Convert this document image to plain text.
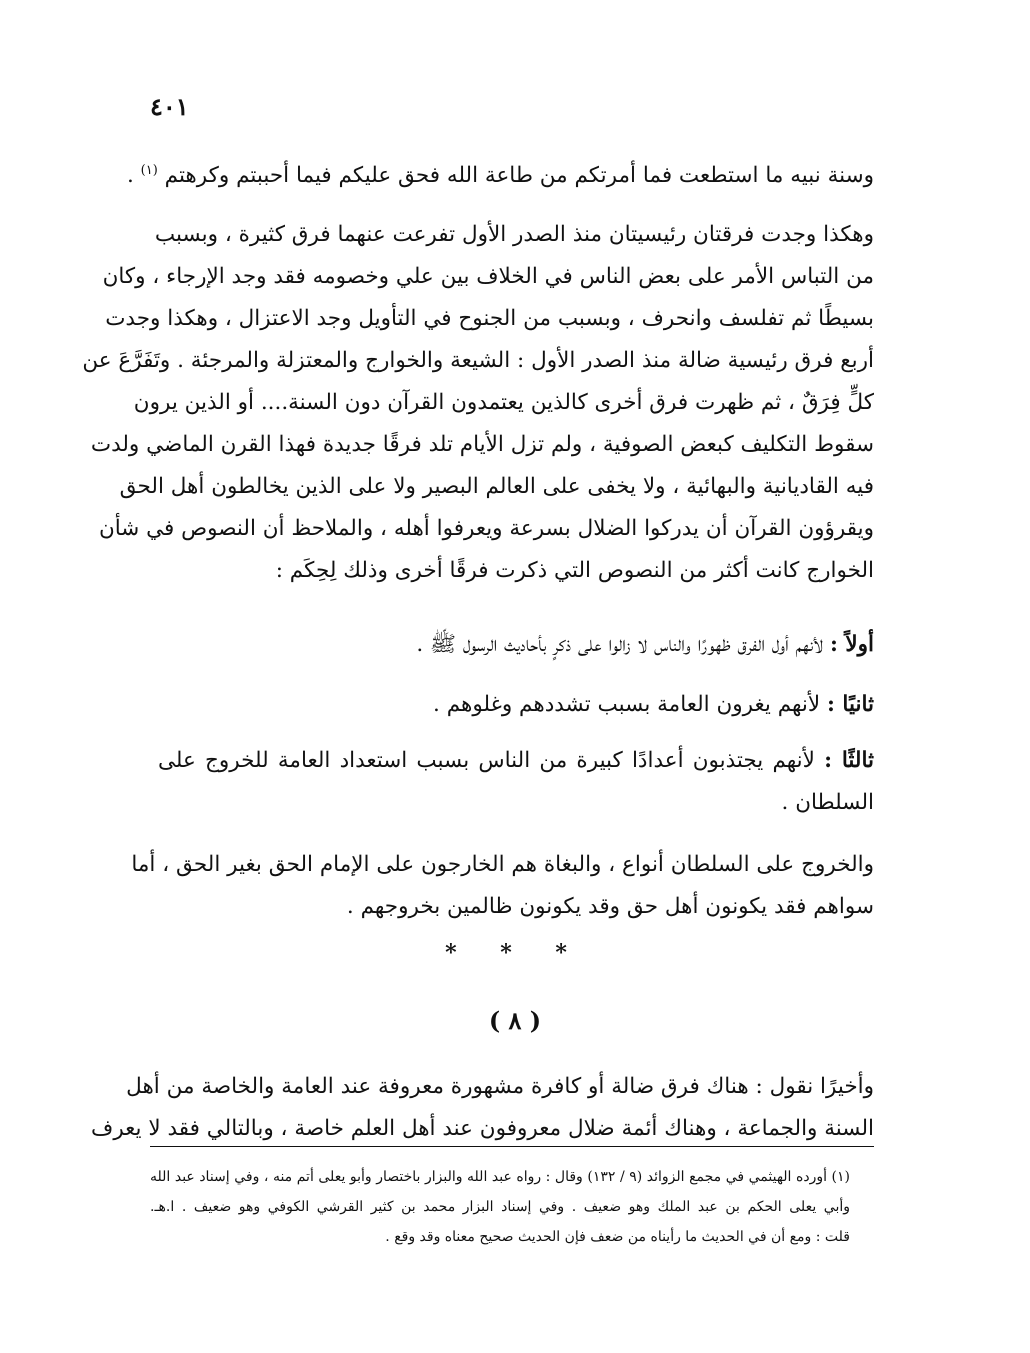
٤٠١
وسنة نبيه ما استطعت فما أمرتكم من طاعة الله فحق عليكم فيما أحببتم وكرهتم $^{(١)}$ .
وهكذا وجدت فرقتان رئيسيتان منذ الصدر الأول تفرعت عنهما فرق كثيرة ، وبسبب
من التباس الأمر على بعض الناس في الخلاف بين علي وخصومه فقد وجد الإرجاء ، وكان
بسيطًا ثم تفلسف وانحرف ، وبسبب من الجنوح في التأويل وجد الاعتزال ، وهكذا وجدت
أربع فرق رئيسية ضالة منذ الصدر الأول : الشيعة والخوارج والمعتزلة والمرجئة . وتَفَرَّعَ عن
كلٍّ فِرَقٌ ، ثم ظهرت فرق أخرى كالذين يعتمدون القرآن دون السنة.... أو الذين يرون
سقوط التكليف كبعض الصوفية ، ولم تزل الأيام تلد فرقًا جديدة فهذا القرن الماضي ولدت
فيه القاديانية والبهائية ، ولا يخفى على العالم البصير ولا على الذين يخالطون أهل الحق
ويقرؤون القرآن أن يدركوا الضلال بسرعة ويعرفوا أهله ، والملاحظ أن النصوص في شأن
الخوارج كانت أكثر من النصوص التي ذكرت فرقًا أخرى وذلك لِحِكَم :
أولاً : لأنهم أول الفرق ظهورًا والناس لا زالوا على ذكرٍ بأحاديث الرسول ﷺ .
ثانيًا : لأنهم يغرون العامة بسبب تشددهم وغلوهم .
ثالثًا : لأنهم يجتذبون أعدادًا كبيرة من الناس بسبب استعداد العامة للخروج على
السلطان .
والخروج على السلطان أنواع ، والبغاة هم الخارجون على الإمام الحق بغير الحق ، أما
سواهم فقد يكونون أهل حق وقد يكونون ظالمين بخروجهم .
* * *
( ٨ )
وأخيرًا نقول : هناك فرق ضالة أو كافرة مشهورة معروفة عند العامة والخاصة من أهل
السنة والجماعة ، وهناك أئمة ضلال معروفون عند أهل العلم خاصة ، وبالتالي فقد لا يعرف
(١) أورده الهيثمي في مجمع الزوائد (٩ / ١٣٢) وقال : رواه عبد الله والبزار باختصار وأبو يعلى أتم منه ، وفي إسناد عبد الله
وأبي يعلى الحكم بن عبد الملك وهو ضعيف . وفي إسناد البزار محمد بن كثير القرشي الكوفي وهو ضعيف . ا.هـ.
قلت : ومع أن في الحديث ما رأيناه من ضعف فإن الحديث صحيح معناه وقد وقع .
